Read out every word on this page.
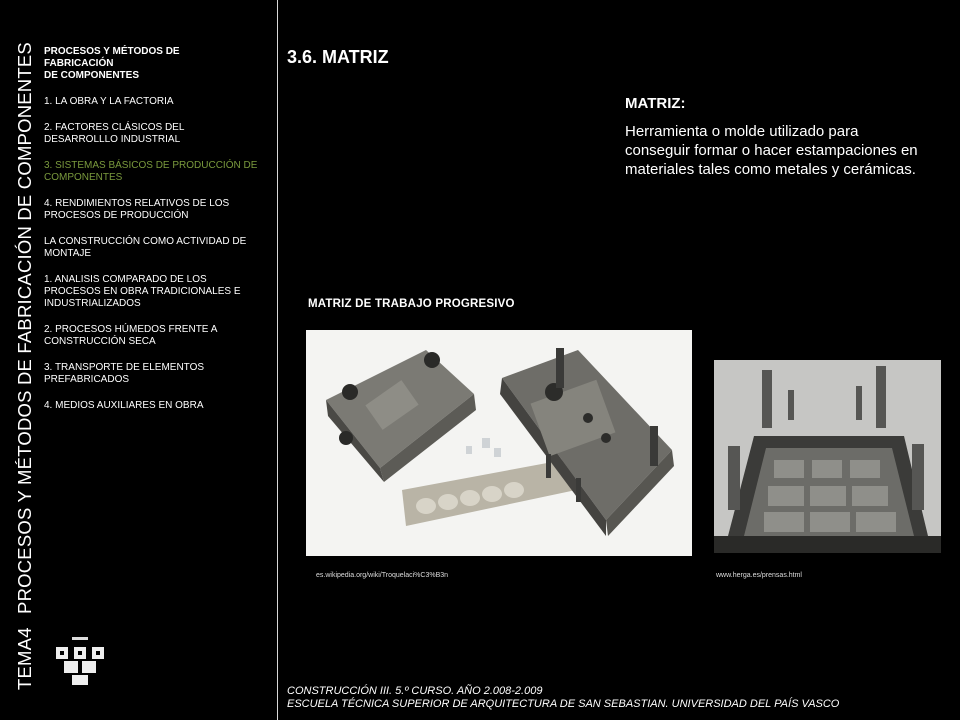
TEMA4 PROCESOS Y MÉTODOS DE FABRICACIÓN DE COMPONENTES PROCESOS Y MÉTODOS DE
FABRICACIÓN
DE COMPONENTES
1. LA OBRA Y LA FACTORIA
2. FACTORES CLÁSICOS DEL DESARROLLLO INDUSTRIAL
3. SISTEMAS BÁSICOS DE PRODUCCIÓN DE COMPONENTES
4. RENDIMIENTOS RELATIVOS DE LOS PROCESOS DE PRODUCCIÓN
LA CONSTRUCCIÓN COMO ACTIVIDAD DE MONTAJE
1. ANALISIS COMPARADO DE LOS PROCESOS EN OBRA TRADICIONALES E INDUSTRIALIZADOS
2. PROCESOS HÚMEDOS FRENTE A CONSTRUCCIÓN SECA
3. TRANSPORTE DE ELEMENTOS PREFABRICADOS
4. MEDIOS AUXILIARES EN OBRA
3.6. MATRIZ
MATRIZ:
Herramienta o molde utilizado para conseguir formar o hacer estampaciones en materiales tales como metales y cerámicas.
MATRIZ DE TRABAJO PROGRESIVO
es.wikipedia.org/wiki/Troquelaci%C3%B3n	www.herga.es/prensas.html
CONSTRUCCIÓN III. 5.º CURSO. AÑO 2.008-2.009
ESCUELA TÉCNICA SUPERIOR DE ARQUITECTURA DE SAN SEBASTIAN. UNIVERSIDAD DEL PAÍS VASCO
